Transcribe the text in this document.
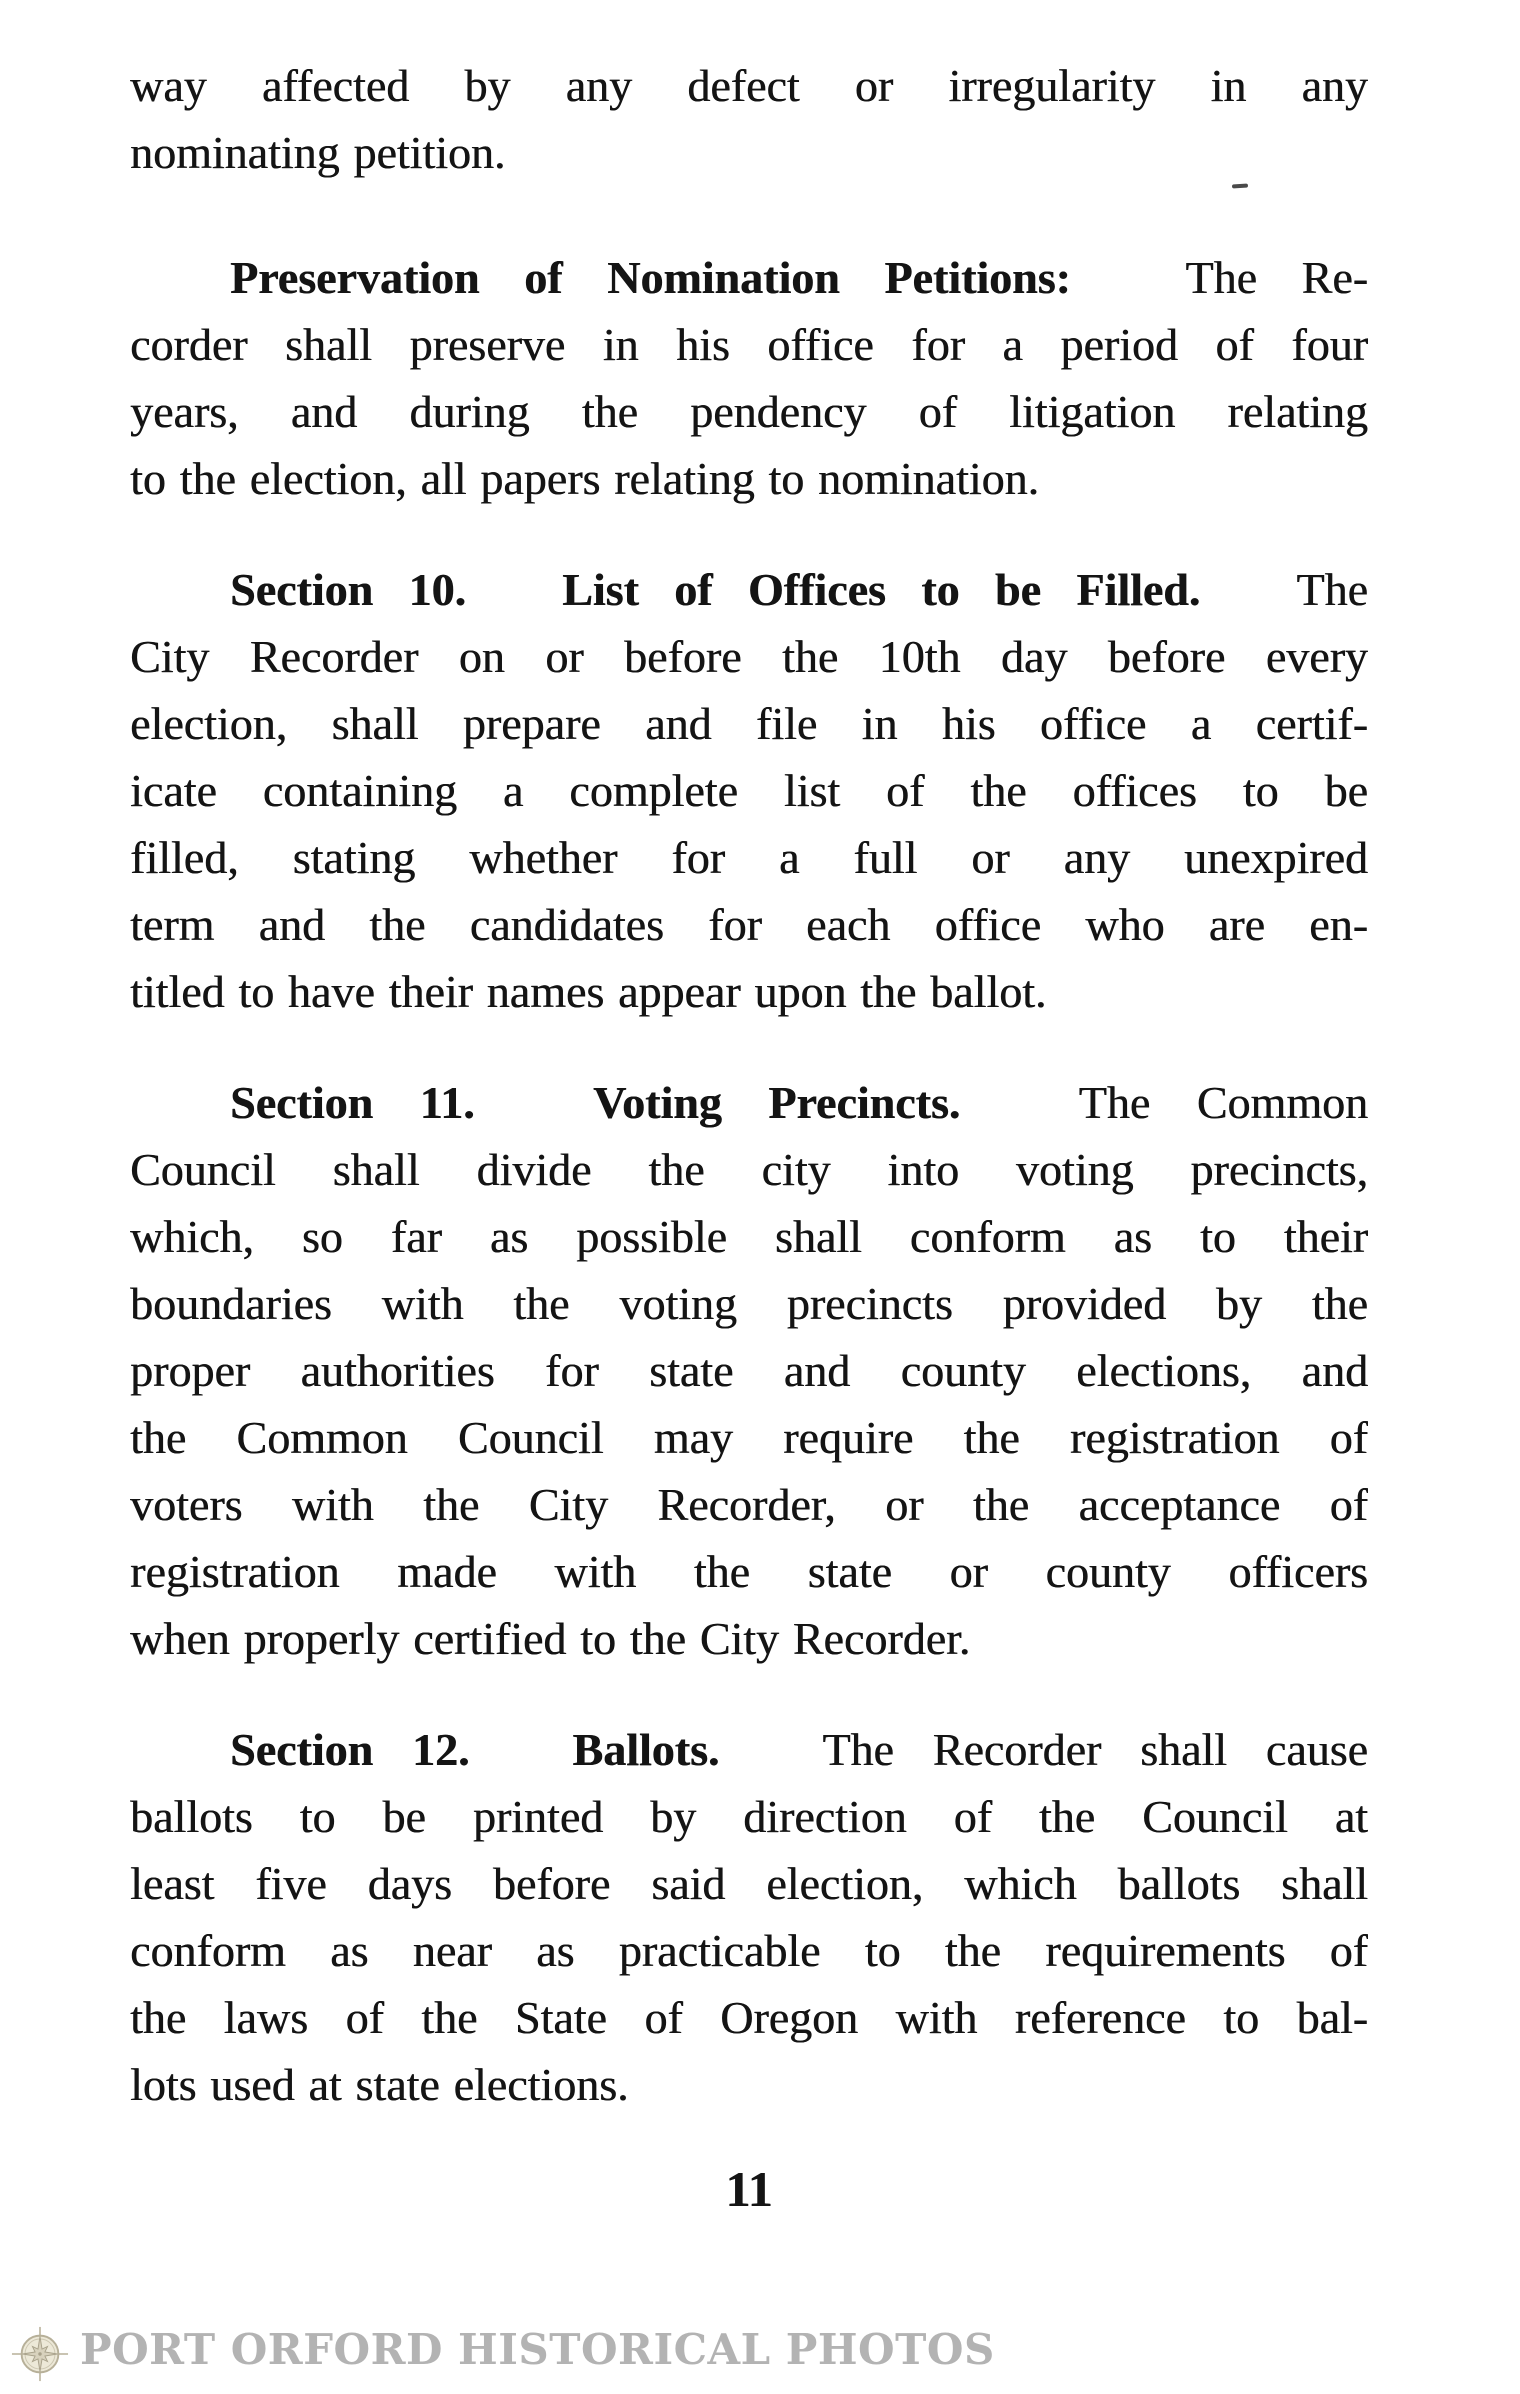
way affected by any defect or irregularity in any
nominating petition.
Preservation of Nomination Petitions: The Re-
corder shall preserve in his office for a period of four
years, and during the pendency of litigation relating
to the election, all papers relating to nomination.
Section 10. List of Offices to be Filled. The
City Recorder on or before the 10th day before every
election, shall prepare and file in his office a certif-
icate containing a complete list of the offices to be
filled, stating whether for a full or any unexpired
term and the candidates for each office who are en-
titled to have their names appear upon the ballot.
Section 11.	Voting Precincts.	The Common
Council shall divide the city into voting precincts,
which, so far as possible shall conform as to their
boundaries with the voting precincts provided by the
proper authorities for state and county elections, and
the Common Council may require the registration of
voters with the City Recorder, or the acceptance of
registration made with the state or county officers
when properly certified to the City Recorder.
Section 12. Ballots. The Recorder shall cause
ballots to be printed by direction of the Council at
least five days before said election, which ballots shall
conform as near as practicable to the requirements of
the laws of the State of Oregon with reference to bal-
lots used at state elections.
11
PORT ORFORD HISTORICAL PHOTOS
